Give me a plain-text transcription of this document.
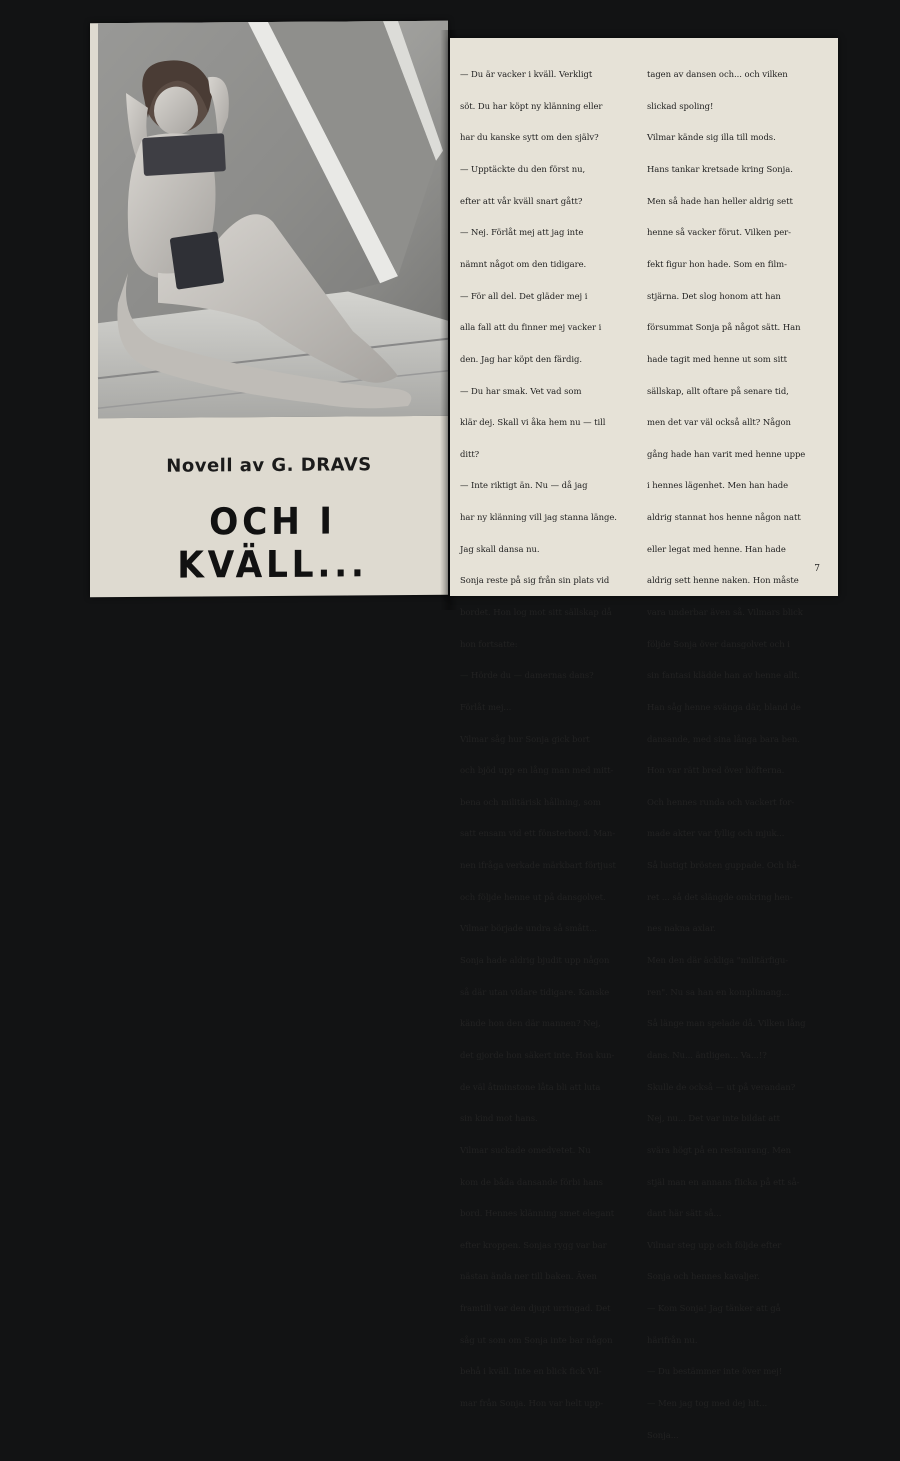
Novell av G. DRAVS
OCH I KVÄLL...

— Du är vacker i kväll. Verkligt

söt. Du har köpt ny klänning eller

har du kanske sytt om den själv?

— Upptäckte du den först nu,

efter att vår kväll snart gått?

— Nej. Förlåt mej att jag inte

nämnt något om den tidigare.

— För all del. Det gläder mej i

alla fall att du finner mej vacker i

den. Jag har köpt den färdig.

— Du har smak. Vet vad som

klär dej. Skall vi åka hem nu — till

ditt?

— Inte riktigt än. Nu — då jag

har ny klänning vill jag stanna länge.

Jag skall dansa nu.

Sonja reste på sig från sin plats vid

bordet. Hon log mot sitt sällskap då

hon fortsatte:

— Hörde du — damernas dans?

Förlåt mej...

Vilmar såg hur Sonja gick bort

och bjöd upp en lång man med mitt-

bena och militärisk hållning, som

satt ensam vid ett fönsterbord. Man-

nen ifråga verkade märkbart förtjust

och följde henne ut på dansgolvet.

Vilmar började undra så smått...

Sonja hade aldrig bjudit upp någon

så där utan vidare tidigare. Kanske

kände hon den där mannen? Nej,

det gjorde hon säkert inte. Hon kun-

de väl åtminstone låta bli att luta

sin kind mot hans.

Vilmar suckade omedvetet. Nu

kom de båda dansande förbi hans

bord. Hennes klänning smet elegant

efter kroppen. Sonjas rygg var bar

nästan ända ner till baken. Även

framtill var den djupt urringad. Det

såg ut som om Sonja inte bar någon

behå i kväll. Inte en blick fick Vil-

mar från Sonja. Hon var helt upp-

tagen av dansen och... och vilken

slickad spoling!

Vilmar kände sig illa till mods.

Hans tankar kretsade kring Sonja.

Men så hade han heller aldrig sett

henne så vacker förut. Vilken per-

fekt figur hon hade. Som en film-

stjärna. Det slog honom att han

försummat Sonja på något sätt. Han

hade tagit med henne ut som sitt

sällskap, allt oftare på senare tid,

men det var väl också allt? Någon

gång hade han varit med henne uppe

i hennes lägenhet. Men han hade

aldrig stannat hos henne någon natt

eller legat med henne. Han hade

aldrig sett henne naken. Hon måste

vara underbar även så. Vilmars blick

följde Sonja över dansgolvet och i

sin fantasi klädde han av henne allt.

Han såg henne svänga där, bland de

dansande, med sina långa bara ben.

Hon var rätt bred över höfterna.

Och hennes runda och vackert for-

made akter var fyllig och mjuk...

Så lustigt brösten guppade. Och hå-

ret ... så det slängde omkring hen-

nes nakna axlar.

Men den där äckliga "militärfigu-

ren". Nu sa han en komplimang...

Så länge man spelade då. Vilken lång

dans. Nu... äntligen... Va...!?

Skulle de också — ut på verandan?

Nej, nu... Det var inte bildat att

svära högt på en restaurang. Men

stjäl man en annans flicka på ett så-

dant här sätt så...

Vilmar steg upp och följde efter

Sonja och hennes kavaljer.

— Kom Sonja! Jag tänker att gå

härifrån nu.

— Du bestämmer inte över mej!

— Men jag tog med dej hit...

Sonja...

7
